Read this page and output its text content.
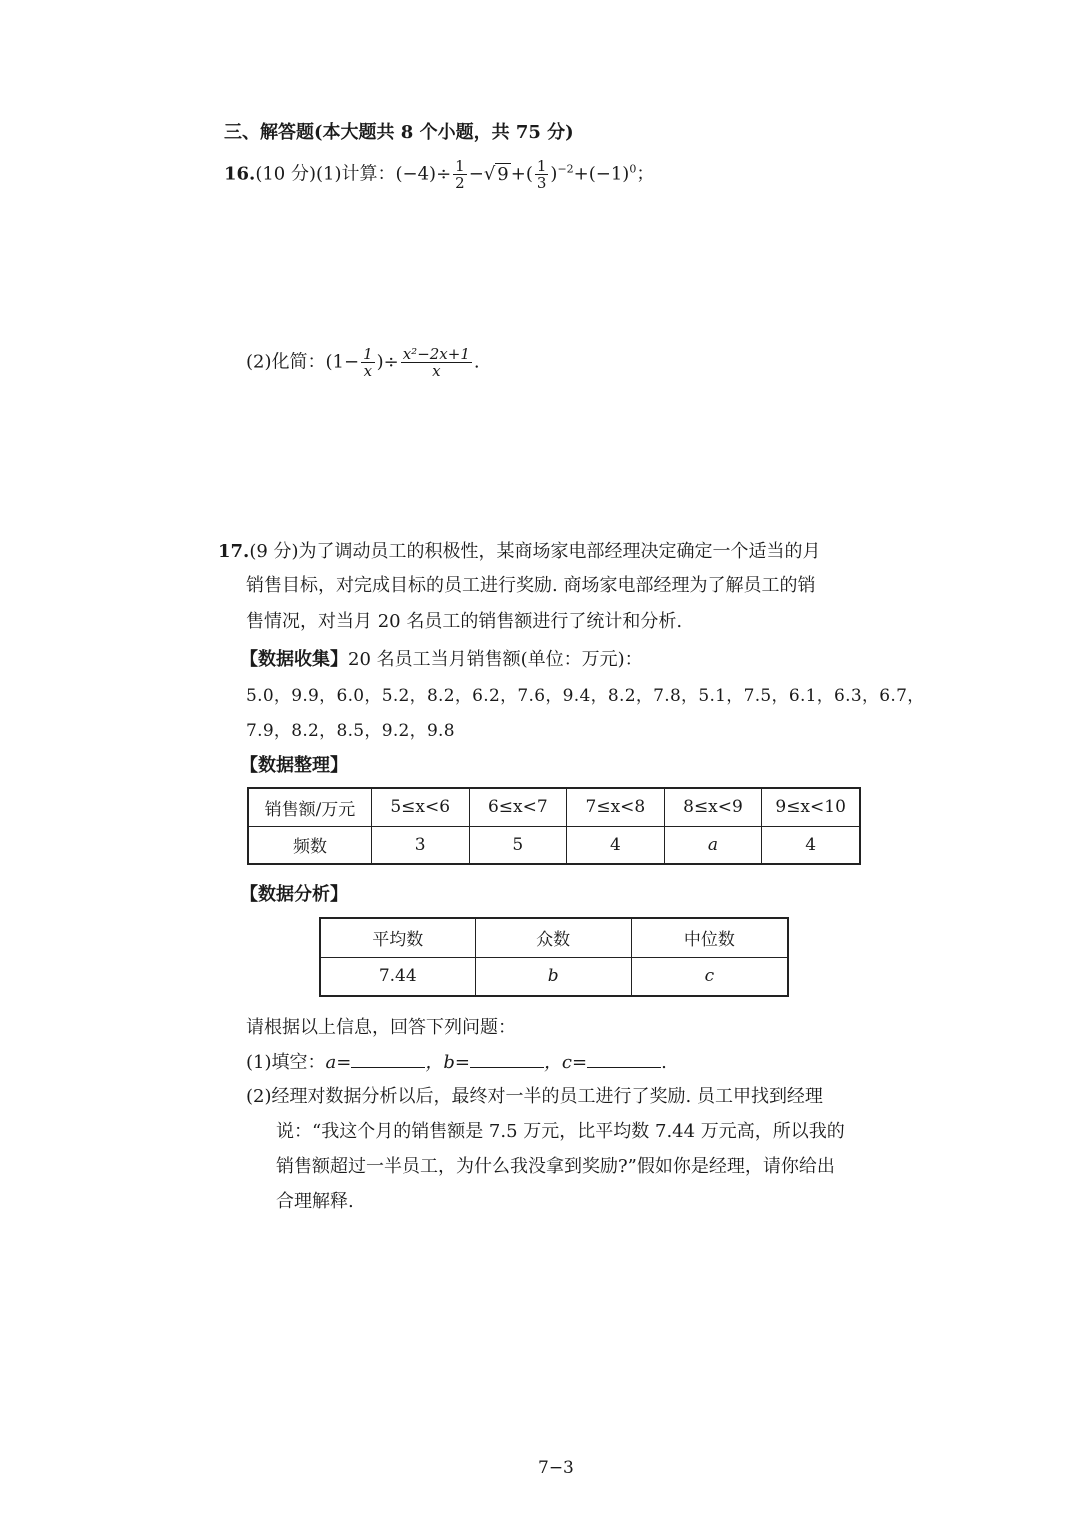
三、解答题(本大题共 8 个小题，共 75 分)
16.(10 分)(1)计算：$(-4)\div \frac{1}{2}$ −√ 9 +( $\frac{1}{3} )^{-2}+(-1)^0$；
(2)化简：($1- \frac{1}{x}$ )÷ $\frac{\text{x²−2x+1}}{x}$ .
17.(9 分)为了调动员工的积极性，某商场家电部经理决定确定一个适当的月
销售目标，对完成目标的员工进行奖励. 商场家电部经理为了解员工的销
售情况，对当月 20 名员工的销售额进行了统计和分析.
【数据收集】20 名员工当月销售额(单位：万元)：
5.0，9.9，6.0，5.2，8.2，6.2，7.6，9.4，8.2，7.8，5.1，7.5，6.1，6.3，6.7，
7.9，8.2，8.5，9.2，9.8
【数据整理】
销售额/万元	5≤x<6	6≤x<7	7≤x<8	8≤x<9	9≤x<10
频数	3	5	4	a	4
【数据分析】
平均数	众数	中位数
7.44	b	c
请根据以上信息，回答下列问题：
(1)填空：a=	，b=	，c=	.
(2)经理对数据分析以后，最终对一半的员工进行了奖励. 员工甲找到经理
说：“我这个月的销售额是 7.5 万元，比平均数 7.44 万元高，所以我的
销售额超过一半员工，为什么我没拿到奖励?”假如你是经理，请你给出
合理解释.
7−3
